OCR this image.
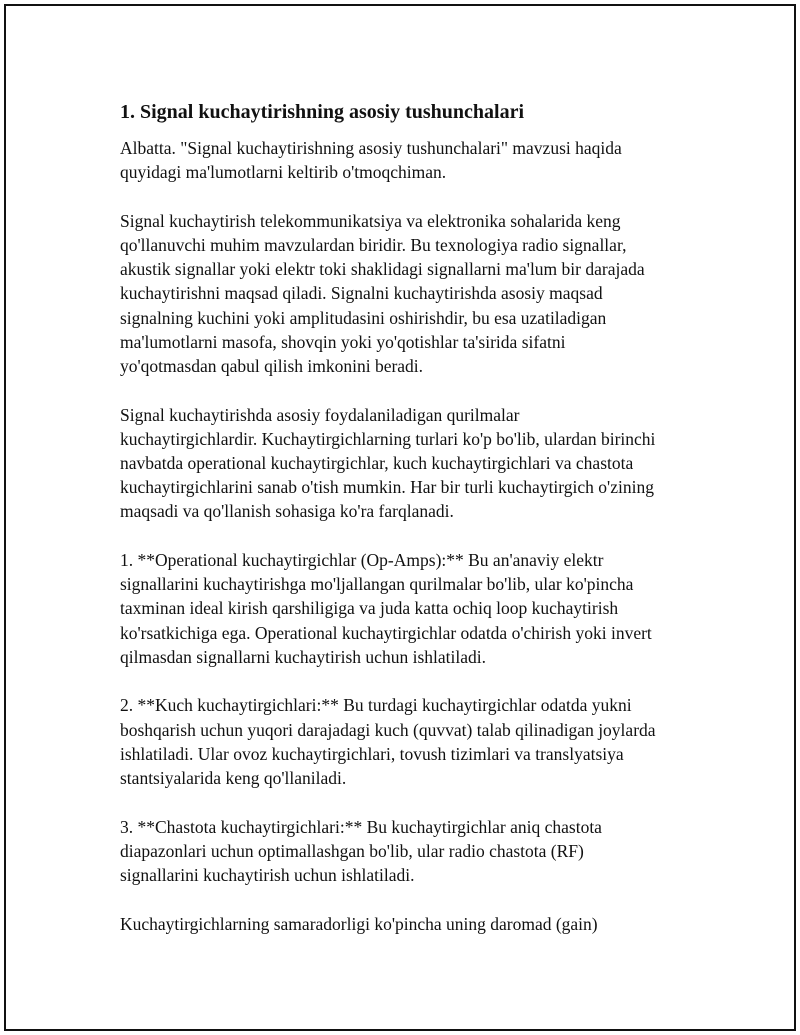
1. Signal kuchaytirishning asosiy tushunchalari
Albatta. "Signal kuchaytirishning asosiy tushunchalari" mavzusi haqida
quyidagi ma'lumotlarni keltirib o'tmoqchiman.
Signal kuchaytirish telekommunikatsiya va elektronika sohalarida keng
qo'llanuvchi muhim mavzulardan biridir. Bu texnologiya radio signallar,
akustik signallar yoki elektr toki shaklidagi signallarni ma'lum bir darajada
kuchaytirishni maqsad qiladi. Signalni kuchaytirishda asosiy maqsad
signalning kuchini yoki amplitudasini oshirishdir, bu esa uzatiladigan
ma'lumotlarni masofa, shovqin yoki yo'qotishlar ta'sirida sifatni
yo'qotmasdan qabul qilish imkonini beradi.
Signal kuchaytirishda asosiy foydalaniladigan qurilmalar
kuchaytirgichlardir. Kuchaytirgichlarning turlari ko'p bo'lib, ulardan birinchi
navbatda operational kuchaytirgichlar, kuch kuchaytirgichlari va chastota
kuchaytirgichlarini sanab o'tish mumkin. Har bir turli kuchaytirgich o'zining
maqsadi va qo'llanish sohasiga ko'ra farqlanadi.
1. **Operational kuchaytirgichlar (Op-Amps):** Bu an'anaviy elektr
signallarini kuchaytirishga mo'ljallangan qurilmalar bo'lib, ular ko'pincha
taxminan ideal kirish qarshiligiga va juda katta ochiq loop kuchaytirish
ko'rsatkichiga ega. Operational kuchaytirgichlar odatda o'chirish yoki invert
qilmasdan signallarni kuchaytirish uchun ishlatiladi.
2. **Kuch kuchaytirgichlari:** Bu turdagi kuchaytirgichlar odatda yukni
boshqarish uchun yuqori darajadagi kuch (quvvat) talab qilinadigan joylarda
ishlatiladi. Ular ovoz kuchaytirgichlari, tovush tizimlari va translyatsiya
stantsiyalarida keng qo'llaniladi.
3. **Chastota kuchaytirgichlari:** Bu kuchaytirgichlar aniq chastota
diapazonlari uchun optimallashgan bo'lib, ular radio chastota (RF)
signallarini kuchaytirish uchun ishlatiladi.
Kuchaytirgichlarning samaradorligi ko'pincha uning daromad (gain)
